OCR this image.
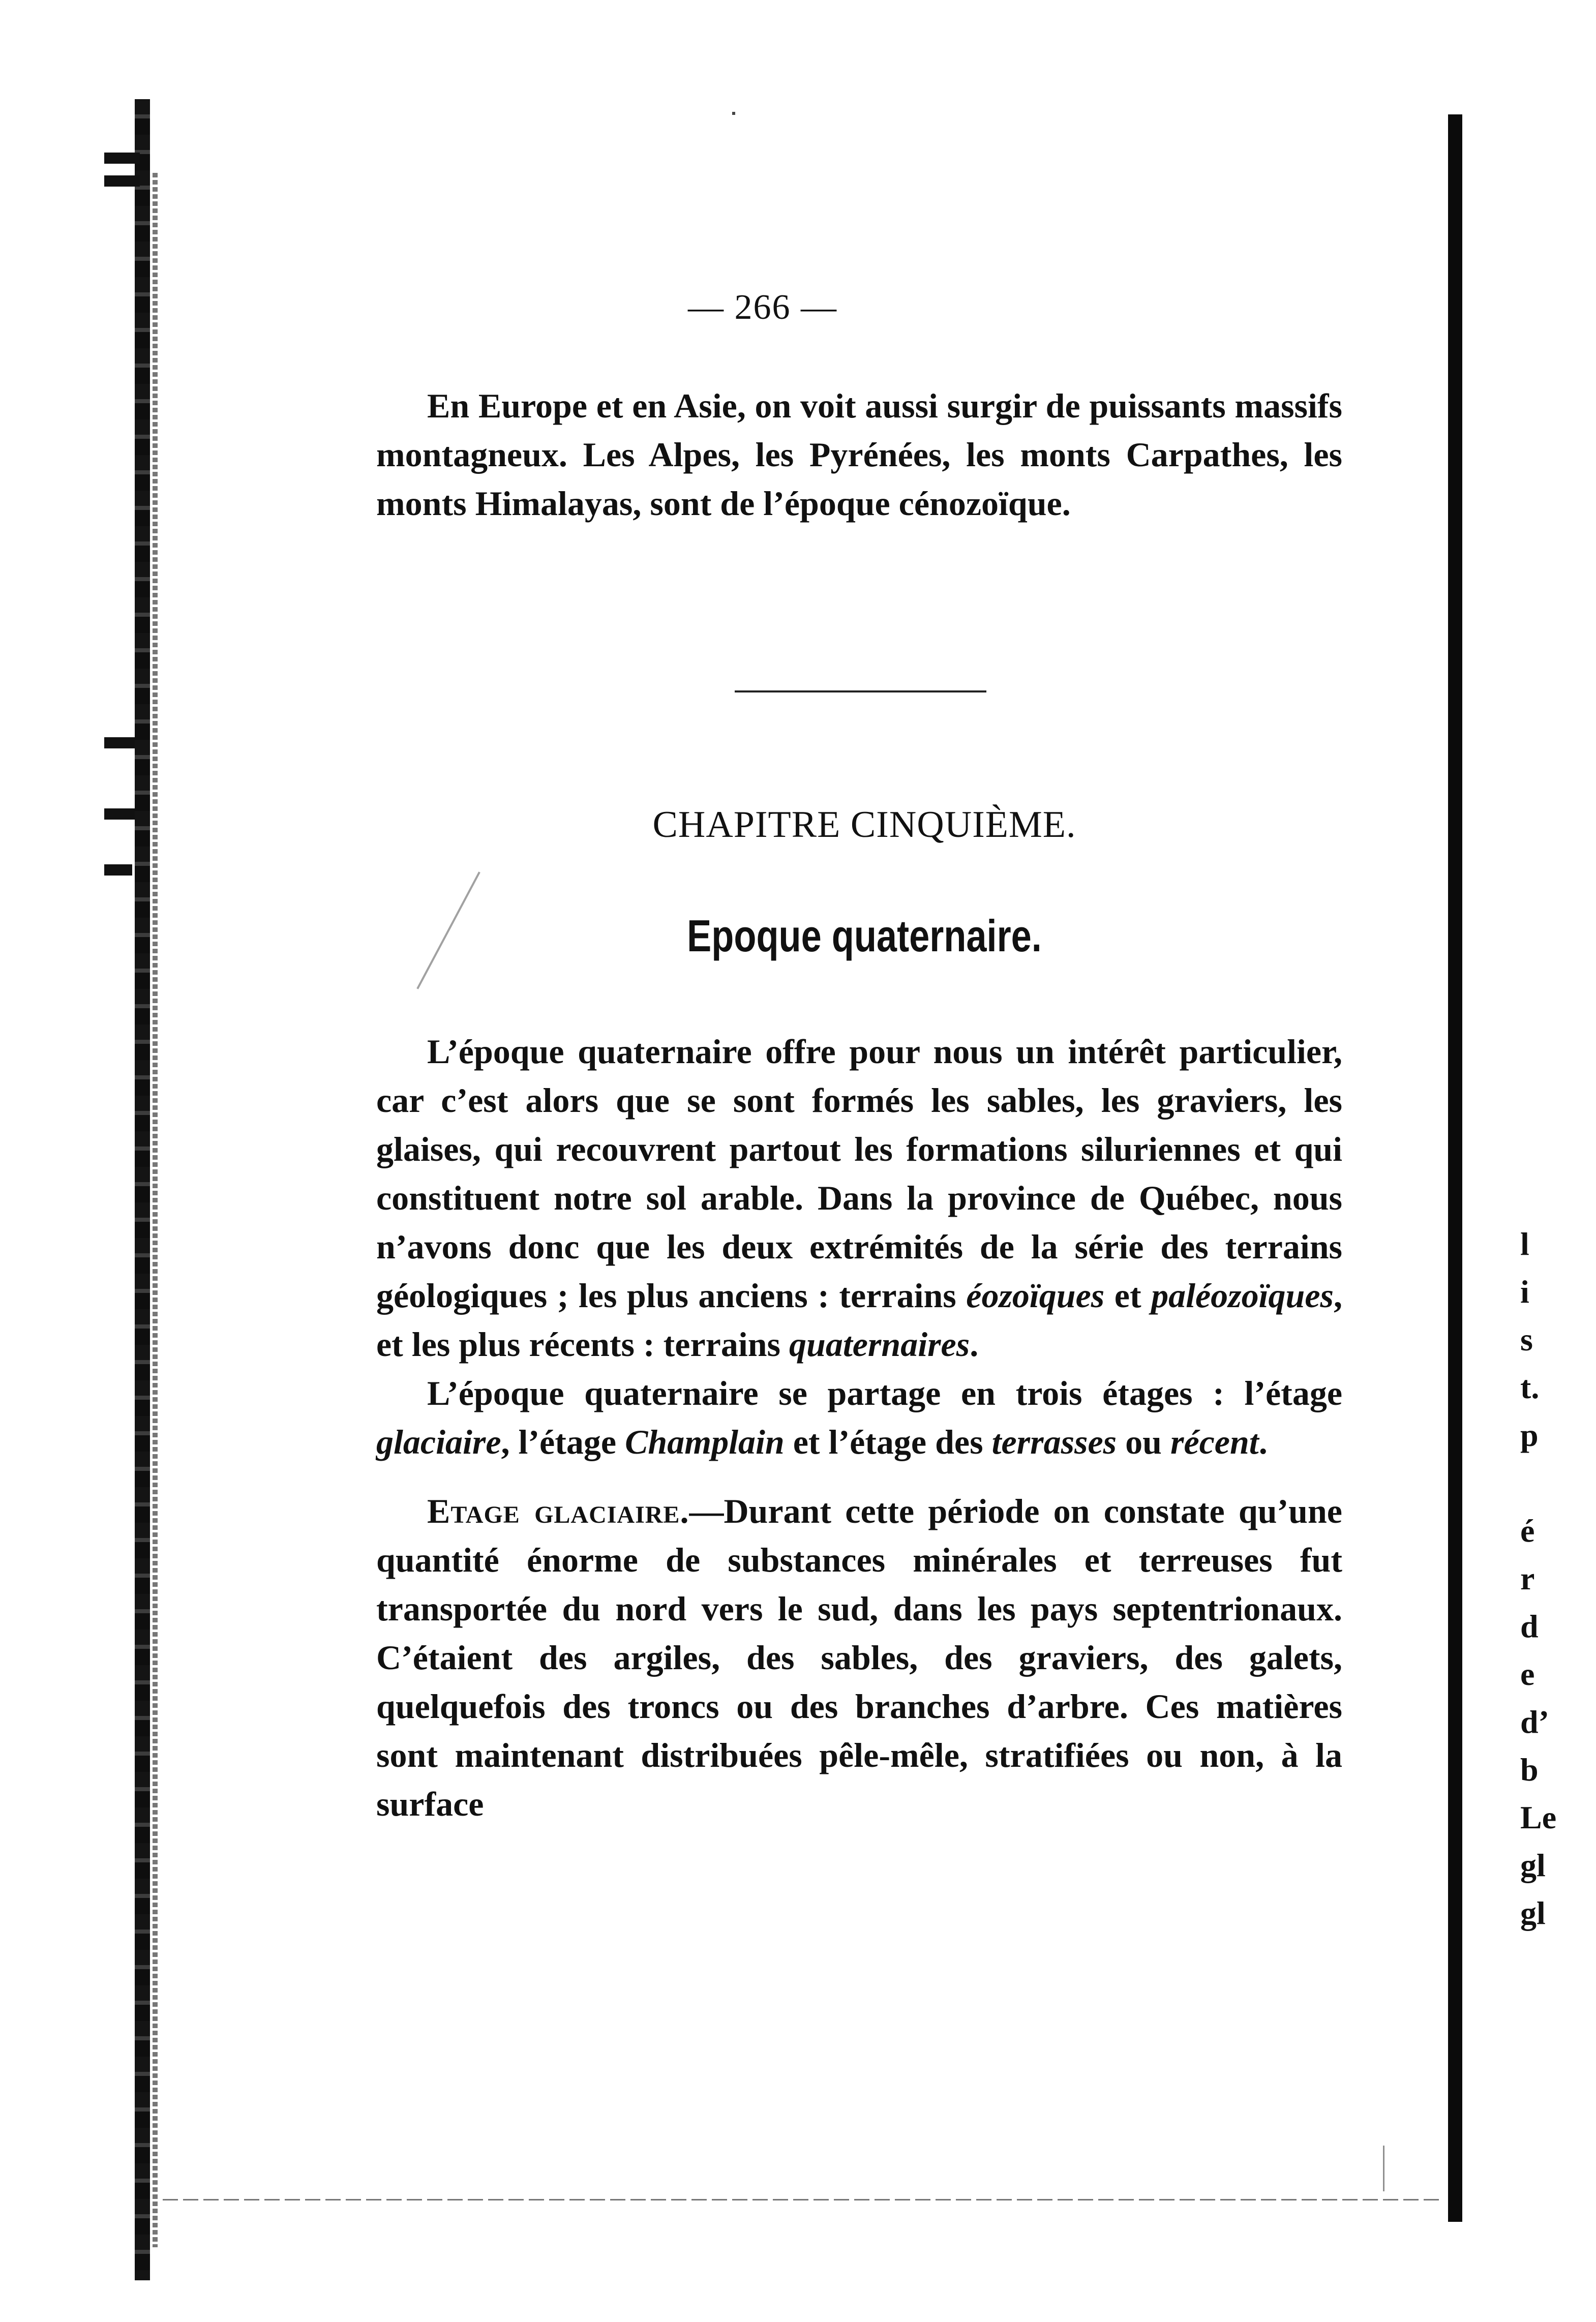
— 266 —

En Europe et en Asie, on voit aussi surgir de puissants massifs montagneux. Les Alpes, les Pyrénées, les monts Carpathes, les monts Himalayas, sont de l’époque cénozoïque.

CHAPITRE CINQUIÈME.
Epoque quaternaire.

L’époque quaternaire offre pour nous un intérêt particulier, car c’est alors que se sont formés les sables, les graviers, les glaises, qui recouvrent partout les formations siluriennes et qui constituent notre sol arable. Dans la province de Québec, nous n’avons donc que les deux extrémités de la série des terrains géologiques ; les plus anciens : terrains éozoïques et paléozoïques, et les plus récents : terrains quaternaires.

L’époque quaternaire se partage en trois étages : l’étage glaciaire, l’étage Champlain et l’étage des terrasses ou récent.

Etage glaciaire.—Durant cette période on constate qu’une quantité énorme de substances minérales et terreuses fut transportée du nord vers le sud, dans les pays septentrionaux. C’étaient des argiles, des sables, des graviers, des galets, quelquefois des troncs ou des branches d’arbre. Ces matières sont maintenant distribuées pêle-mêle, stratifiées ou non, à la surface

l
i
s
t.
p
é
r
d
e
d’
b
Le
gl
gl
